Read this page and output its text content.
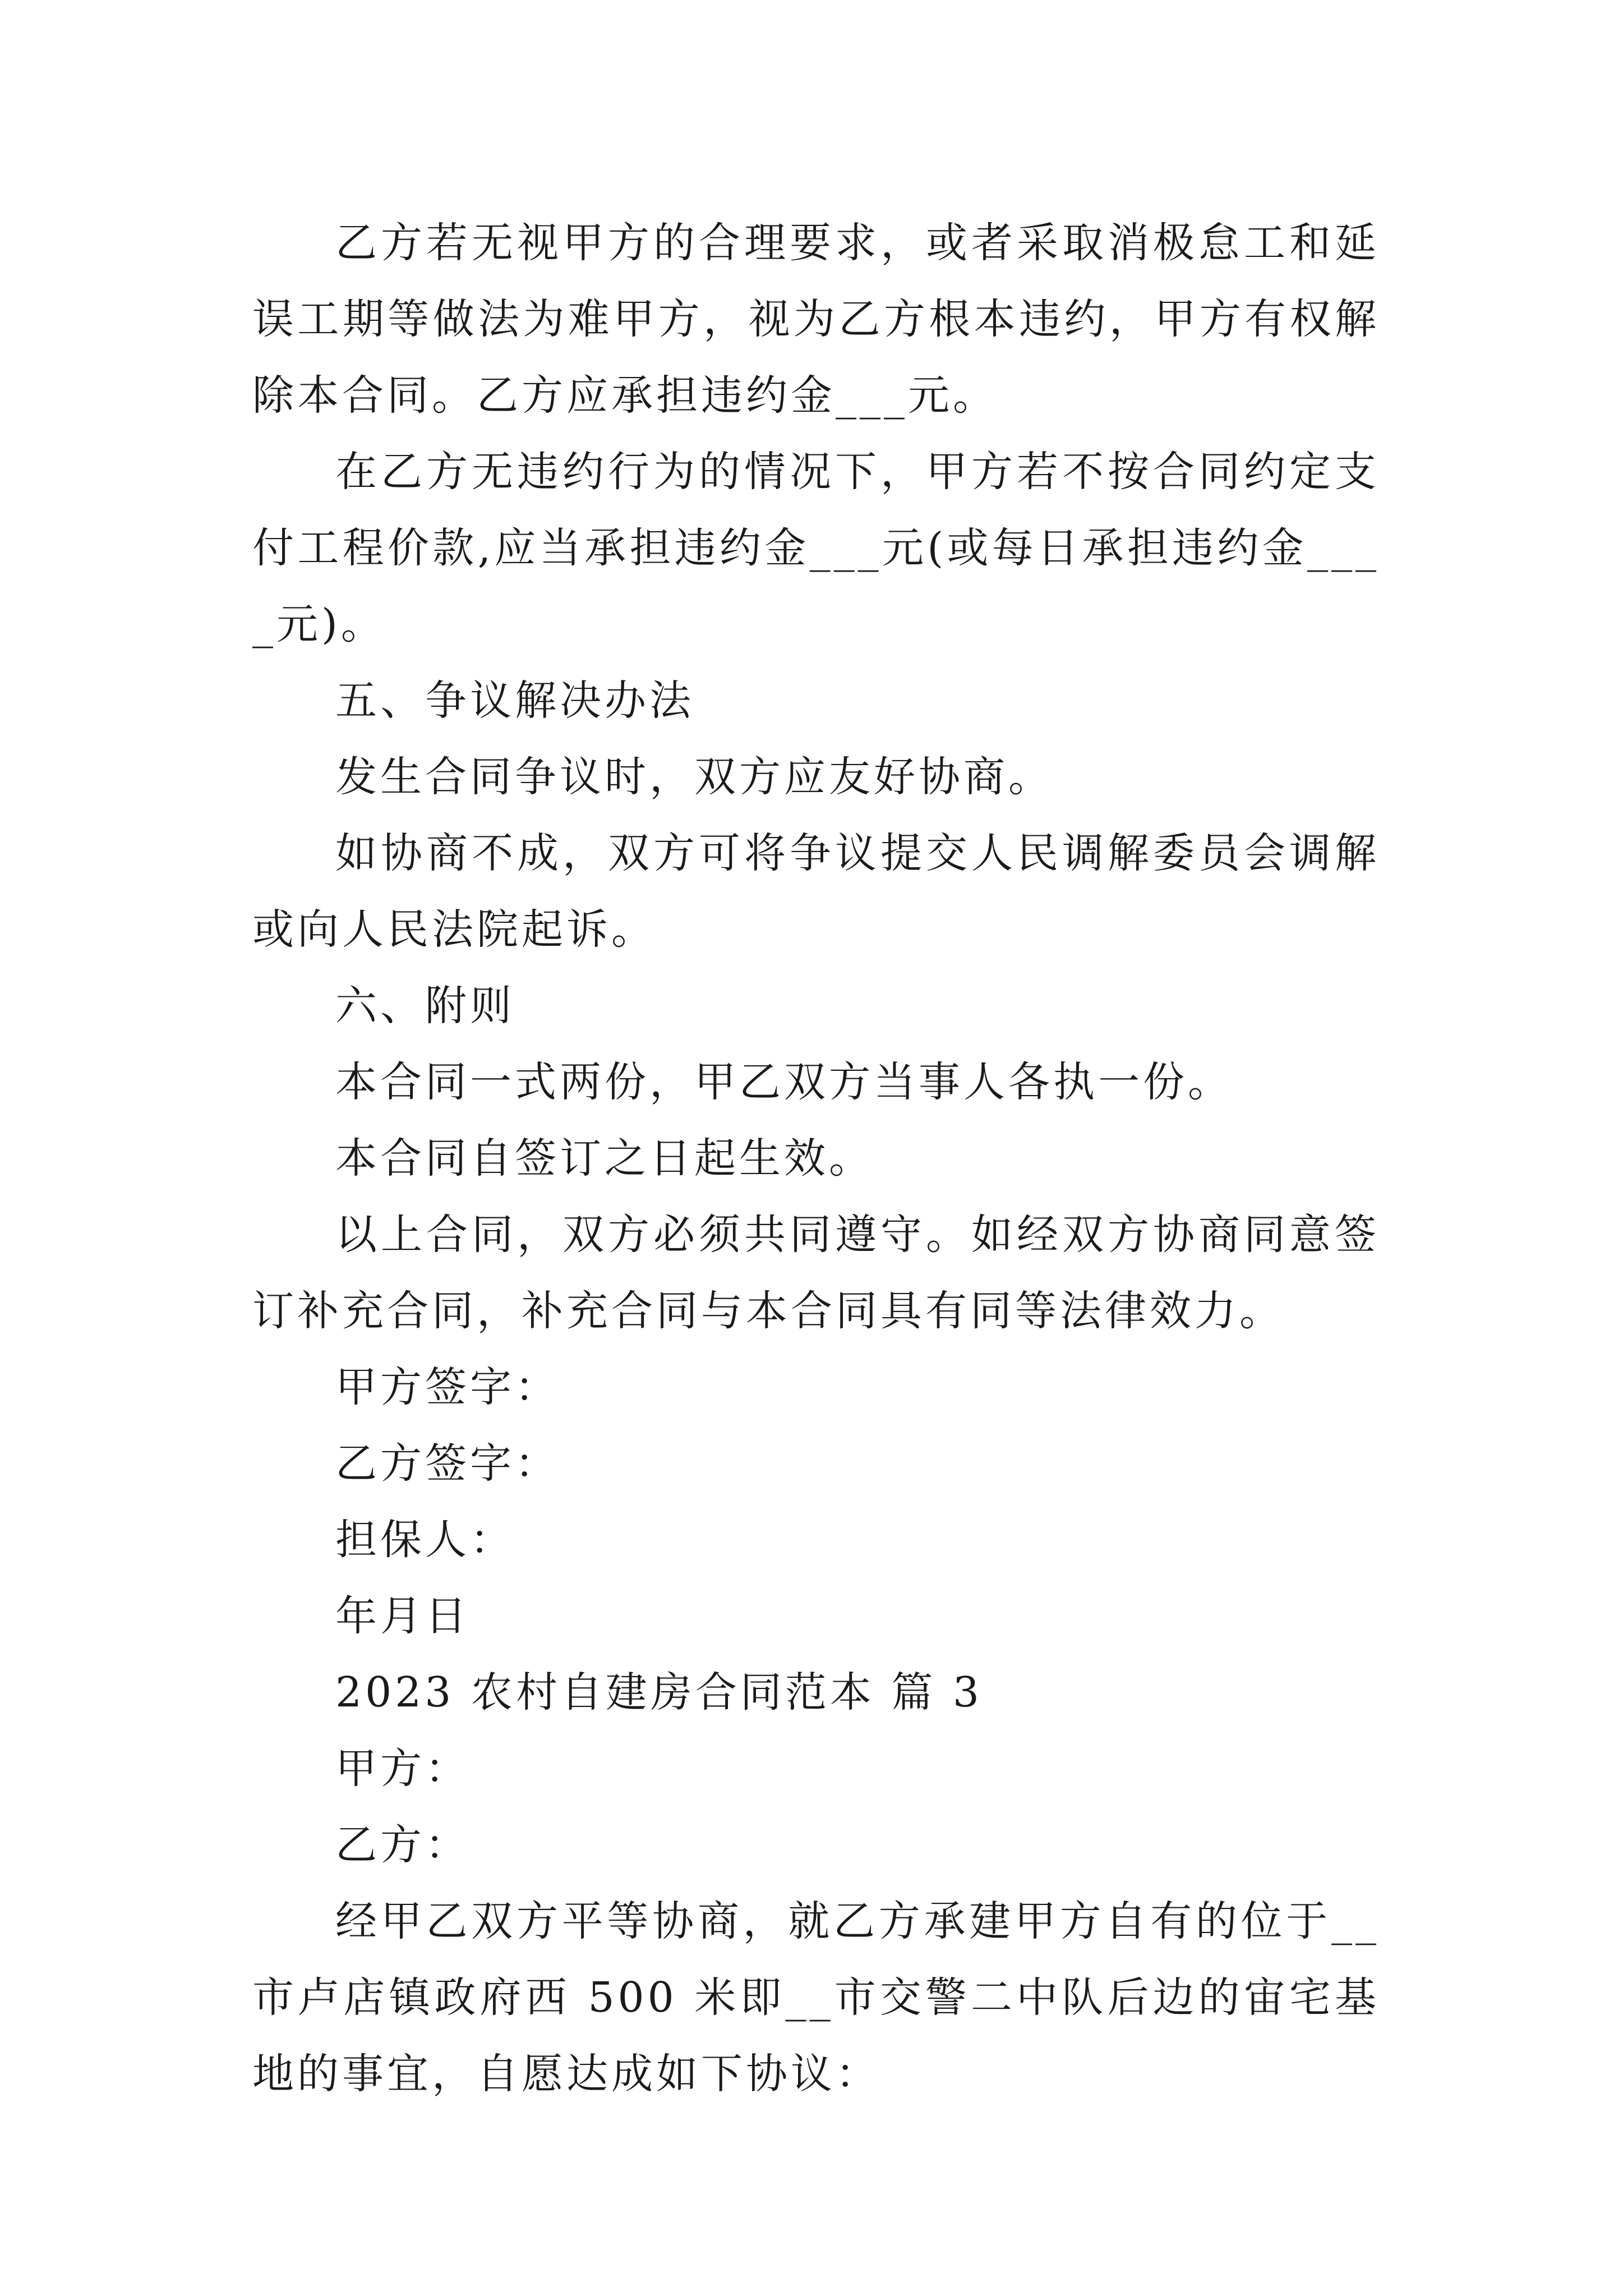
乙方若无视甲方的合理要求，或者采取消极怠工和延误工期等做法为难甲方，视为乙方根本违约，甲方有权解除本合同。乙方应承担违约金___元。

在乙方无违约行为的情况下，甲方若不按合同约定支付工程价款,应当承担违约金___元(或每日承担违约金____元)。

五、争议解决办法

发生合同争议时，双方应友好协商。

如协商不成，双方可将争议提交人民调解委员会调解或向人民法院起诉。

六、附则

本合同一式两份，甲乙双方当事人各执一份。

本合同自签订之日起生效。

以上合同，双方必须共同遵守。如经双方协商同意签订补充合同，补充合同与本合同具有同等法律效力。

甲方签字：

乙方签字：

担保人：

年月日

2023 农村自建房合同范本 篇 3

甲方：

乙方：

经甲乙双方平等协商，就乙方承建甲方自有的位于__市卢店镇政府西 500 米即__市交警二中队后边的宙宅基地的事宜，自愿达成如下协议：
